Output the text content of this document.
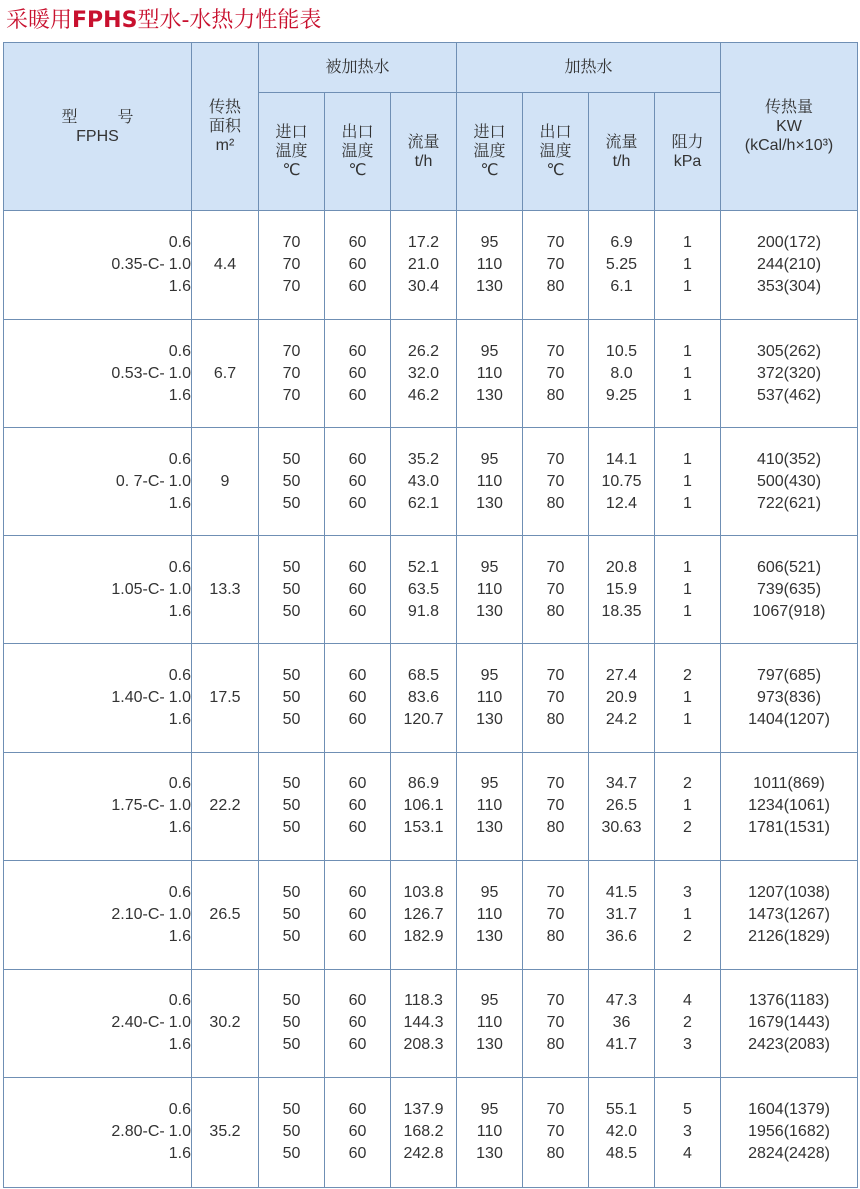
采暖用FPHS型水-水热力性能表
型号
FPHS	传热
面积
m²	被加热水			加热水				传热量
KW
(kCal/h×10³)

		进口
温度
℃	出口
温度
℃	流量
t/h	进口
温度
℃	出口
温度
℃	流量
t/h	阻力
kPa	

0.35-C-
0.6
1.0
1.6	4.4	70
70
70	60
60
60	17.2
21.0
30.4	95
110
130	70
70
80	6.9
5.25
6.1	1
1
1	200(172)
244(210)
353(304)

0.53-C-
0.6
1.0
1.6	6.7	70
70
70	60
60
60	26.2
32.0
46.2	95
110
130	70
70
80	10.5
8.0
9.25	1
1
1	305(262)
372(320)
537(462)

0. 7-C-
0.6
1.0
1.6	9	50
50
50	60
60
60	35.2
43.0
62.1	95
110
130	70
70
80	14.1
10.75
12.4	1
1
1	410(352)
500(430)
722(621)

1.05-C-
0.6
1.0
1.6	13.3	50
50
50	60
60
60	52.1
63.5
91.8	95
110
130	70
70
80	20.8
15.9
18.35	1
1
1	606(521)
739(635)
1067(918)

1.40-C-
0.6
1.0
1.6	17.5	50
50
50	60
60
60	68.5
83.6
120.7	95
110
130	70
70
80	27.4
20.9
24.2	2
1
1	797(685)
973(836)
1404(1207)

1.75-C-
0.6
1.0
1.6	22.2	50
50
50	60
60
60	86.9
106.1
153.1	95
110
130	70
70
80	34.7
26.5
30.63	2
1
2	1011(869)
1234(1061)
1781(1531)

2.10-C-
0.6
1.0
1.6	26.5	50
50
50	60
60
60	103.8
126.7
182.9	95
110
130	70
70
80	41.5
31.7
36.6	3
1
2	1207(1038)
1473(1267)
2126(1829)

2.40-C-
0.6
1.0
1.6	30.2	50
50
50	60
60
60	118.3
144.3
208.3	95
110
130	70
70
80	47.3
36
41.7	4
2
3	1376(1183)
1679(1443)
2423(2083)

2.80-C-
0.6
1.0
1.6	35.2	50
50
50	60
60
60	137.9
168.2
242.8	95
110
130	70
70
80	55.1
42.0
48.5	5
3
4	1604(1379)
1956(1682)
2824(2428)
